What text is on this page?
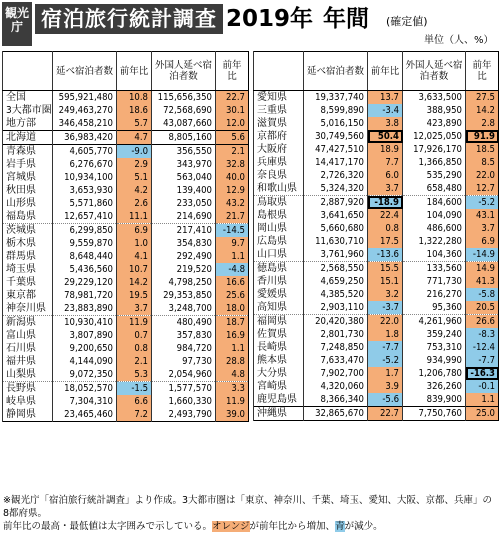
観光庁 宿泊旅行統計調査 2019年 年間 (確定値)
単位（人、%）
	延べ宿泊者数	前年比	外国人延べ宿泊者数	前年比
全国	595,921,480	10.8	115,656,350	22.7
3大都市圏	249,463,270	18.6	72,568,690	30.1
地方部	346,458,210	5.7	43,087,660	12.0
北海道	36,983,420	4.7	8,805,160	5.6
青森県	4,605,770	-9.0	356,550	2.1
岩手県	6,276,670	2.9	343,970	32.8
宮城県	10,934,100	5.1	563,040	40.0
秋田県	3,653,930	4.2	139,400	12.9
山形県	5,571,860	2.6	233,050	43.2
福島県	12,657,410	11.1	214,690	21.7
茨城県	6,299,850	6.9	217,410	-14.5
栃木県	9,559,870	1.0	354,830	9.7
群馬県	8,648,440	4.1	292,490	1.1
埼玉県	5,436,560	10.7	219,520	-4.8
千葉県	29,229,120	14.2	4,798,250	16.6
東京都	78,981,720	19.5	29,353,850	25.6
神奈川県	23,883,890	3.7	3,248,700	18.0
新潟県	10,930,410	11.9	480,490	18.7
富山県	3,807,890	0.7	357,830	16.9
石川県	9,200,650	0.8	984,720	1.1
福井県	4,144,090	2.1	97,730	28.8
山梨県	9,072,350	5.3	2,054,960	4.8
長野県	18,052,570	-1.5	1,577,570	3.3
岐阜県	7,304,310	6.6	1,660,330	11.9
静岡県	23,465,460	7.2	2,493,790	39.0
	延べ宿泊者数	前年比	外国人延べ宿泊者数	前年比
愛知県	19,337,740	13.7	3,633,500	27.5
三重県	8,599,890	-3.4	388,950	14.2
滋賀県	5,016,150	3.8	423,890	2.8
京都府	30,749,560	50.4	12,025,050	91.9
大阪府	47,427,510	18.9	17,926,170	18.5
兵庫県	14,417,170	7.7	1,366,850	8.5
奈良県	2,726,320	6.0	535,290	22.0
和歌山県	5,324,320	3.7	658,480	12.7
鳥取県	2,887,920	-18.9	184,600	-5.2
島根県	3,641,650	22.4	104,090	43.1
岡山県	5,660,680	0.8	486,600	3.7
広島県	11,630,710	17.5	1,322,280	6.9
山口県	3,761,960	-13.6	104,360	-14.9
徳島県	2,568,550	15.5	133,560	14.9
香川県	4,659,250	15.1	771,730	41.3
愛媛県	4,385,520	3.2	216,270	-5.8
高知県	2,903,110	-3.7	95,360	20.5
福岡県	20,420,380	22.0	4,261,960	26.6
佐賀県	2,801,730	1.8	359,240	-8.3
長崎県	7,248,850	-7.7	753,310	-12.4
熊本県	7,633,470	-5.2	934,990	-7.7
大分県	7,902,700	1.7	1,206,780	-16.3
宮崎県	4,320,060	3.9	326,260	-0.1
鹿児島県	8,366,340	-5.6	839,900	1.1
沖縄県	32,865,670	22.7	7,750,760	25.0
※観光庁「宿泊旅行統計調査」より作成。3大都市圏は「東京、神奈川、千葉、埼玉、愛知、大阪、京都、兵庫」の8都府県。
前年比の最高・最低値は太字囲みで示している。オレンジが前年比から増加、青が減少。
